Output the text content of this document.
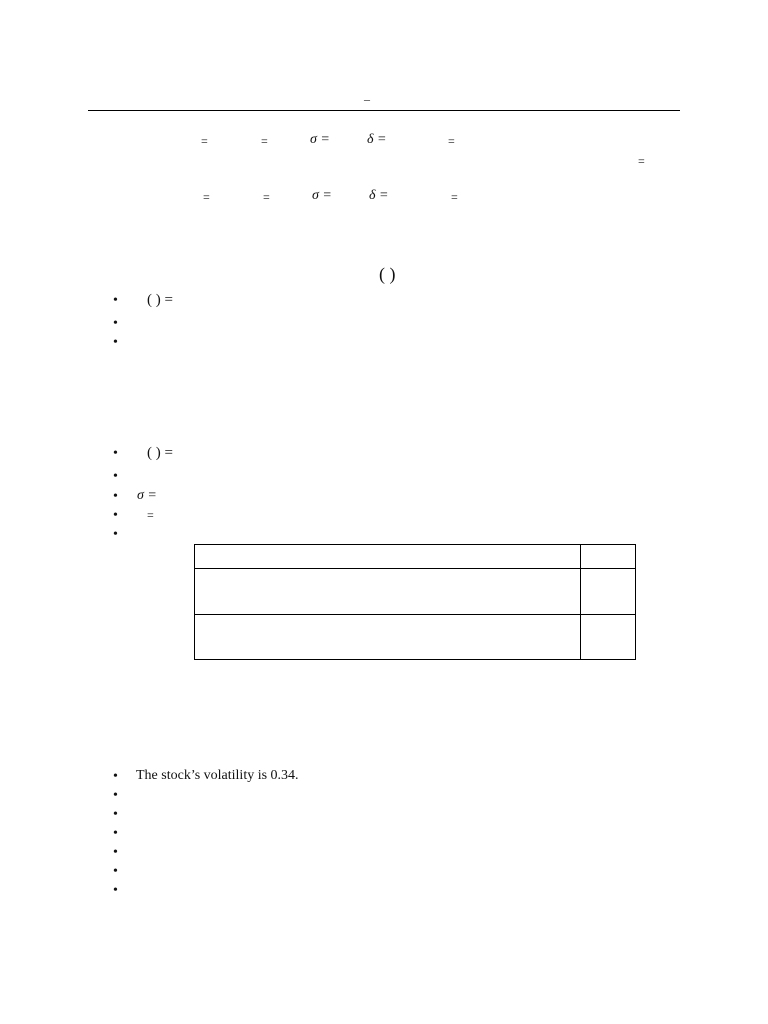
–
=	=	σ =	δ =	=
=
=	=	σ =	δ =	=
( )
•	( ) =
•
•
•	( ) =
•
•	σ =
•	=
•

•	The stock’s volatility is 0.34.
•
•
•
•
•
•
